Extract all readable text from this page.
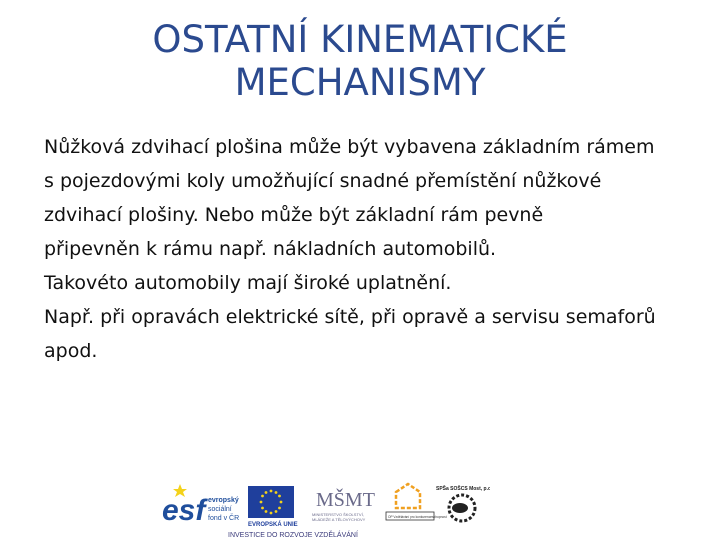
OSTATNÍ KINEMATICKÉ
MECHANISMY
Nůžková zdvihací plošina může být vybavena základním rámem
s pojezdovými koly umožňující snadné přemístění nůžkové
zdvihací plošiny. Nebo může být základní rám pevně
připevněn k rámu např. nákladních automobilů.
Takovéto automobily mají široké uplatnění.
Např. při opravách elektrické sítě, při opravě a servisu semaforů
apod.
esf evropský
sociální
fond v ČR
EVROPSKÁ UNIE
MŠMT
MINISTERSTVO ŠKOLSTVÍ,
MLÁDEŽE A TĚLOVÝCHOVY	OP Vzdělávání pro konkurenceschopnost
SPŠa SOŠCS Most, p.o.
INVESTICE DO ROZVOJE VZDĚLÁVÁNÍ
